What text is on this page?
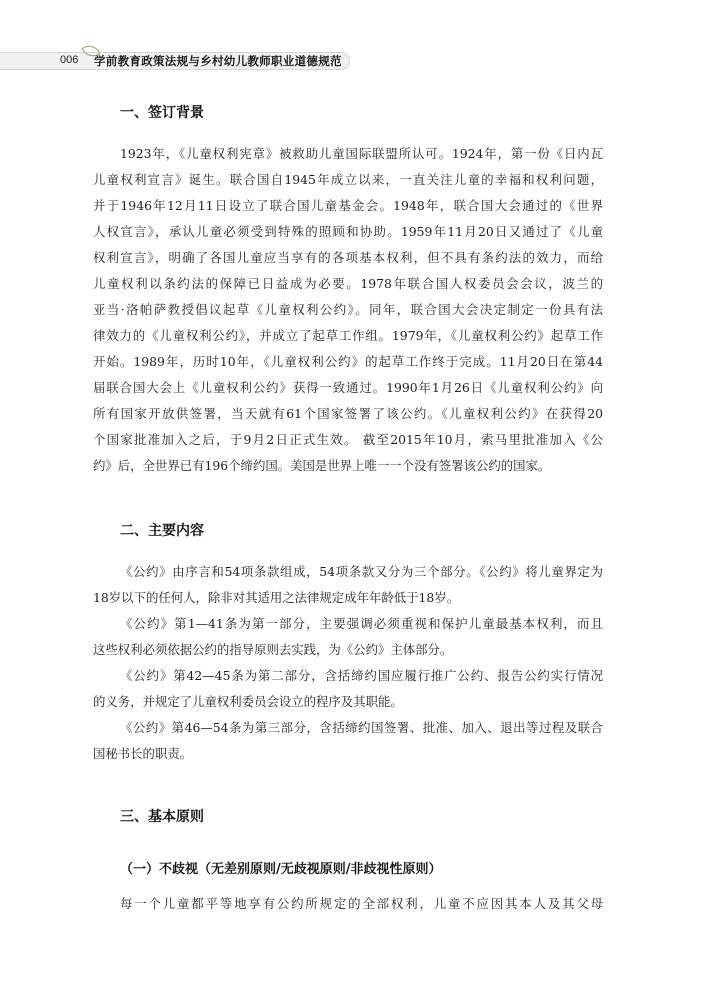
006 学前教育政策法规与乡村幼儿教师职业道德规范
一、签订背景
1923年，《儿童权利宪章》被救助儿童国际联盟所认可。1924年，第一份《日内瓦
儿童权利宣言》诞生。联合国自1945年成立以来，一直关注儿童的幸福和权利问题，
并于1946年12月11日设立了联合国儿童基金会。1948年，联合国大会通过的《世界
人权宣言》，承认儿童必须受到特殊的照顾和协助。1959年11月20日又通过了《儿童
权利宣言》，明确了各国儿童应当享有的各项基本权利，但不具有条约法的效力，而给
儿童权利以条约法的保障已日益成为必要。1978年联合国人权委员会会议，波兰的
亚当·洛帕萨教授倡议起草《儿童权利公约》。同年，联合国大会决定制定一份具有法
律效力的《儿童权利公约》，并成立了起草工作组。1979年，《儿童权利公约》起草工作
开始。1989年，历时10年，《儿童权利公约》的起草工作终于完成。11月20日在第44
届联合国大会上《儿童权利公约》获得一致通过。1990年1月26日《儿童权利公约》向
所有国家开放供签署，当天就有61个国家签署了该公约。《儿童权利公约》在获得20
个国家批准加入之后，于9月2日正式生效。 截至2015年10月，索马里批准加入《公
约》后，全世界已有196个缔约国。美国是世界上唯一一个没有签署该公约的国家。
二、主要内容
《公约》由序言和54项条款组成，54项条款又分为三个部分。《公约》将儿童界定为
18岁以下的任何人，除非对其适用之法律规定成年年龄低于18岁。
《公约》第1—41条为第一部分，主要强调必须重视和保护儿童最基本权利，而且
这些权利必须依据公约的指导原则去实践，为《公约》主体部分。
《公约》第42—45条为第二部分，含括缔约国应履行推广公约、报告公约实行情况
的义务，并规定了儿童权利委员会设立的程序及其职能。
《公约》第46—54条为第三部分，含括缔约国签署、批准、加入、退出等过程及联合
国秘书长的职责。
三、基本原则
（一）不歧视（无差别原则/无歧视原则/非歧视性原则）
每一个儿童都平等地享有公约所规定的全部权利，儿童不应因其本人及其父母
